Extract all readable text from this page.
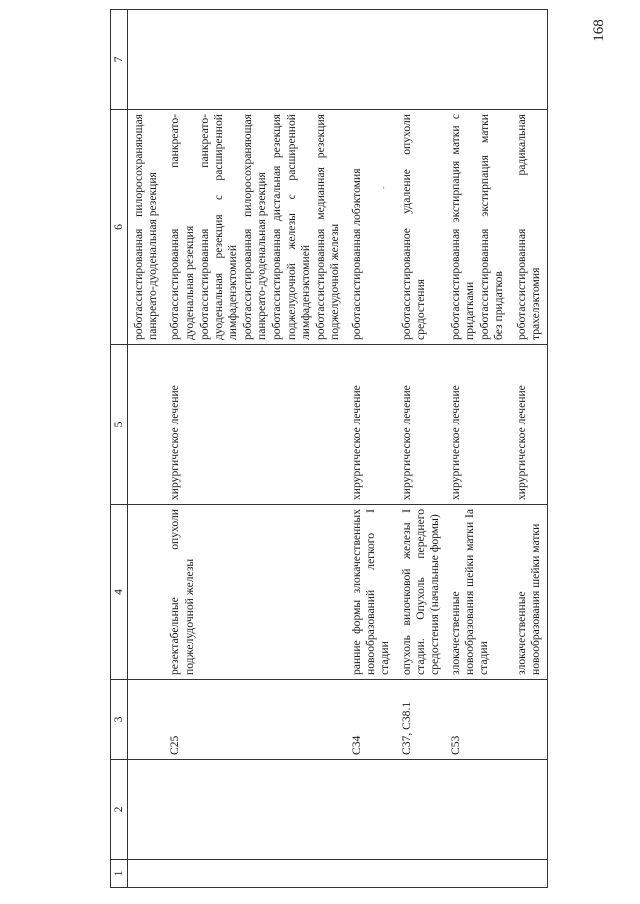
168
,
1	2	3	4	5	6	7

					роботассистированная пилоросохраняющая панкреато-дуоденальная резекция	

		C25	резектабельные опухоли поджелудочной железы	хирургическое лечение	роботассистированная панкреато-дуоденальная резекция роботассистированная панкреато-дуоденальная резекция с расширенной лимфаденэктомией роботассистированная пилоросохраняющая панкреато-дуоденальная резекция роботассистированная дистальная резекция поджелудочной железы с расширенной лимфаденэктомией роботассистированная медианная резекция поджелудочной железы	

		C34	ранние формы злокачественных новообразований легкого I стадии	хирургическое лечение	роботассистированная лобэктомия	

		C37, C38.1	опухоль вилочковой железы I стадии. Опухоль переднего средостения (начальные формы)	хирургическое лечение	роботассистированное удаление опухоли средостения	

		C53	злокачественные новообразования шейки матки Ia стадии	хирургическое лечение	роботассистированная экстирпация матки с придатками роботассистированная экстирпация матки без придатков	

			злокачественные новообразования шейки матки	хирургическое лечение	роботассистированная радикальная трахелэктомия	
